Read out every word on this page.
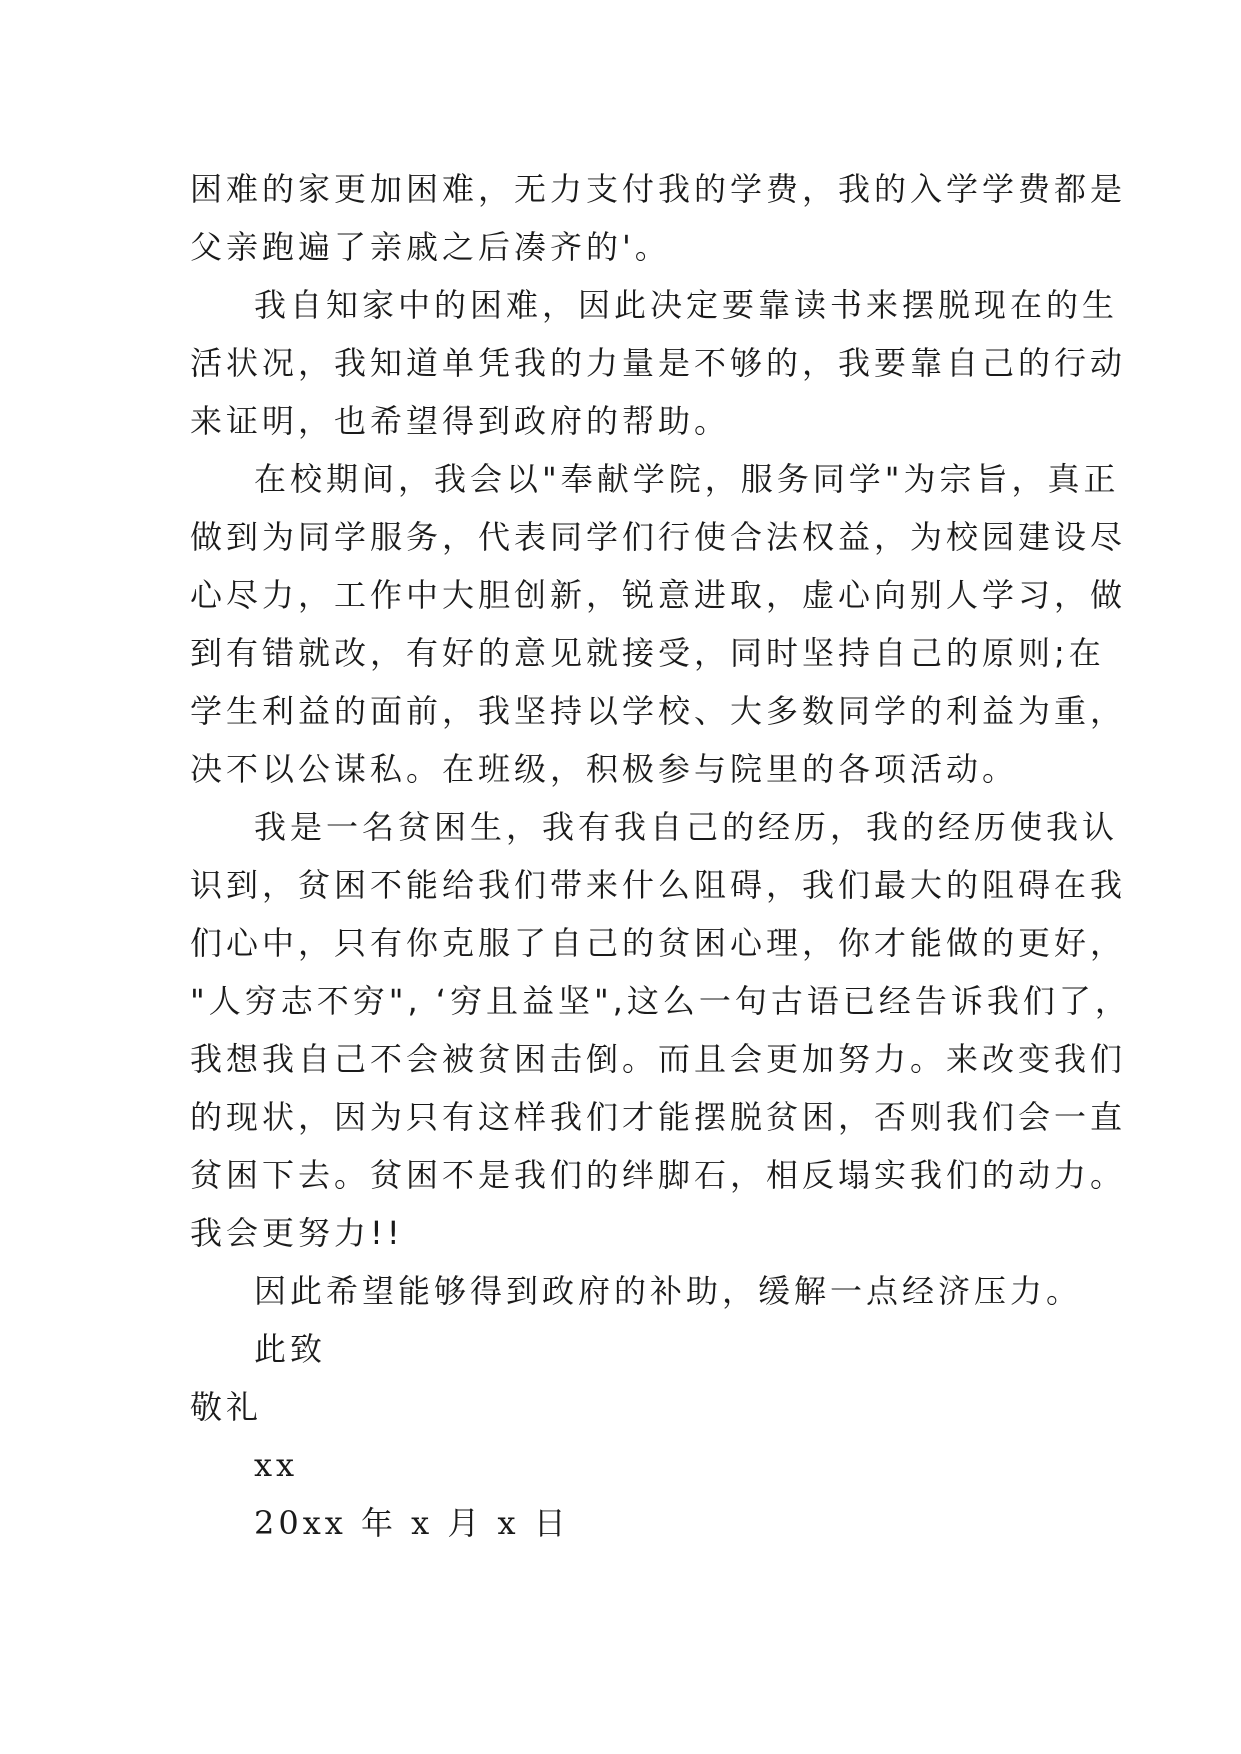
困难的家更加困难，无力支付我的学费，我的入学学费都是
父亲跑遍了亲戚之后凑齐的'。
我自知家中的困难，因此决定要靠读书来摆脱现在的生
活状况，我知道单凭我的力量是不够的，我要靠自己的行动
来证明，也希望得到政府的帮助。
在校期间，我会以"奉献学院，服务同学"为宗旨，真正
做到为同学服务，代表同学们行使合法权益，为校园建设尽
心尽力，工作中大胆创新，锐意进取，虚心向别人学习，做
到有错就改，有好的意见就接受，同时坚持自己的原则;在
学生利益的面前，我坚持以学校、大多数同学的利益为重，
决不以公谋私。在班级，积极参与院里的各项活动。
我是一名贫困生，我有我自己的经历，我的经历使我认
识到，贫困不能给我们带来什么阻碍，我们最大的阻碍在我
们心中，只有你克服了自己的贫困心理，你才能做的更好，
"人穷志不穷", ‘穷且益坚",这么一句古语已经告诉我们了，
我想我自己不会被贫困击倒。而且会更加努力。来改变我们
的现状，因为只有这样我们才能摆脱贫困，否则我们会一直
贫困下去。贫困不是我们的绊脚石，相反塌实我们的动力。
我会更努力!!
因此希望能够得到政府的补助，缓解一点经济压力。
此致
敬礼
xx
20xx 年 x 月 x 日
